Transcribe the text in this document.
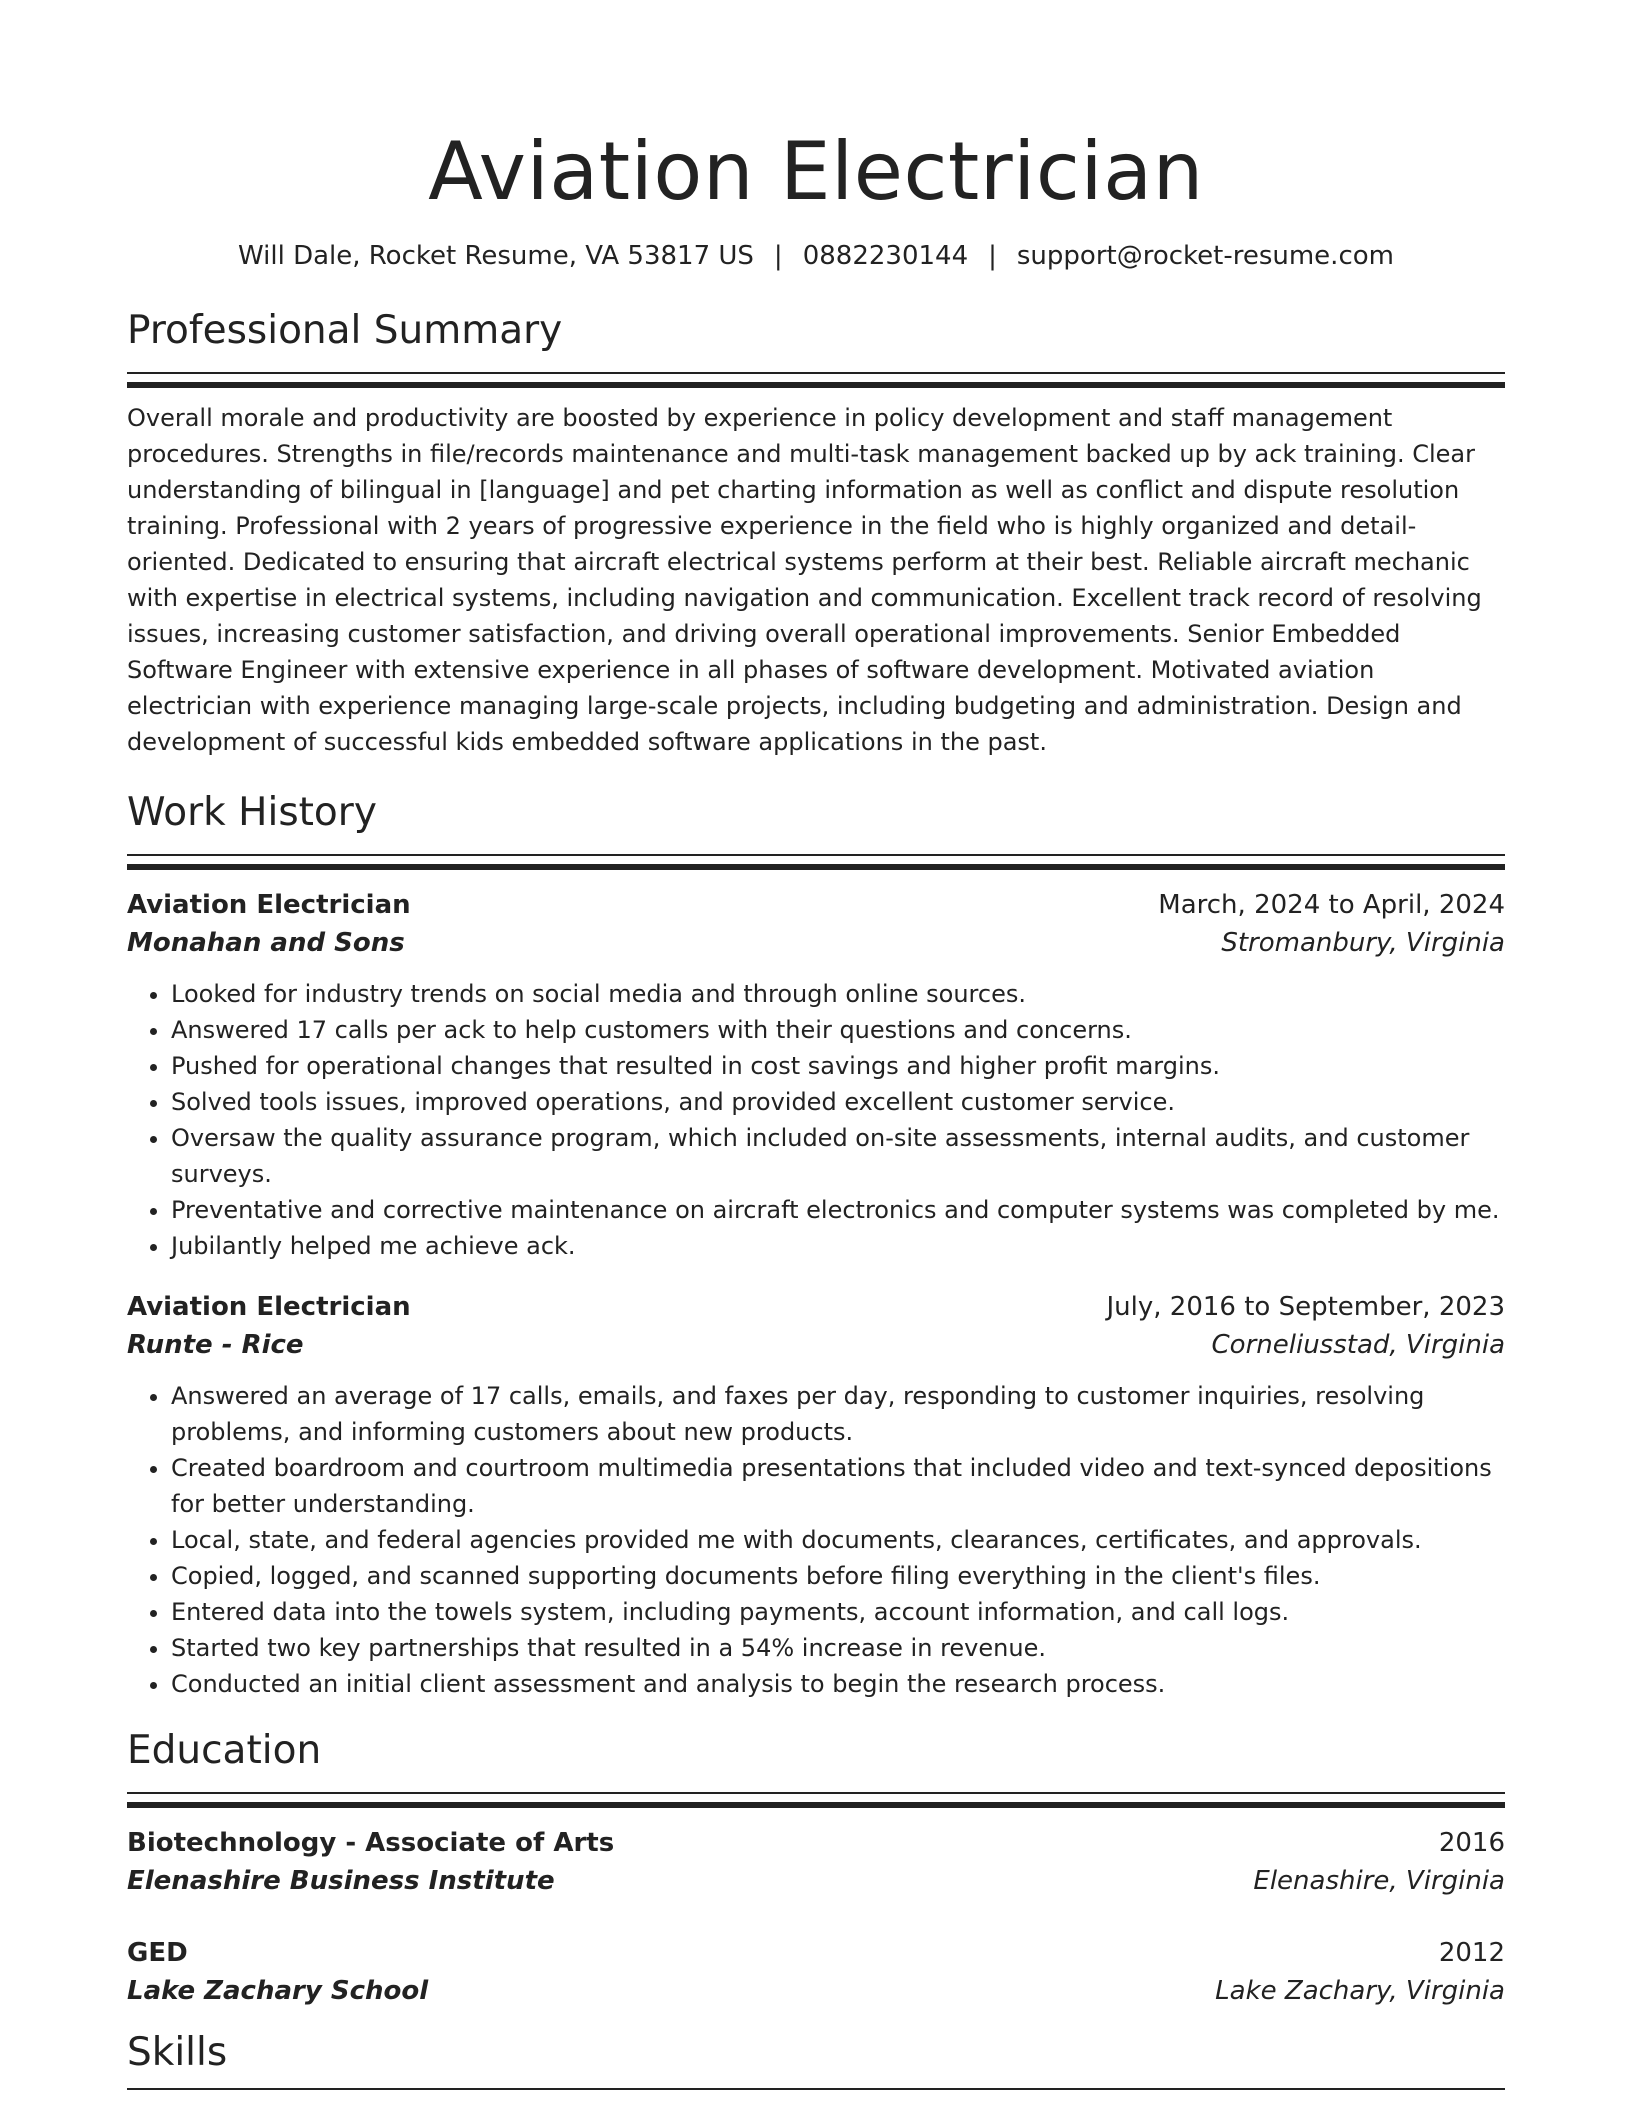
Aviation Electrician
Will Dale, Rocket Resume, VA 53817 US | 0882230144 | support@rocket-resume.com
Professional Summary
Overall morale and productivity are boosted by experience in policy development and staff management procedures. Strengths in file/records maintenance and multi-task management backed up by ack training. Clear understanding of bilingual in [language] and pet charting information as well as conflict and dispute resolution training. Professional with 2 years of progressive experience in the field who is highly organized and detail-oriented. Dedicated to ensuring that aircraft electrical systems perform at their best. Reliable aircraft mechanic with expertise in electrical systems, including navigation and communication. Excellent track record of resolving issues, increasing customer satisfaction, and driving overall operational improvements. Senior Embedded Software Engineer with extensive experience in all phases of software development. Motivated aviation electrician with experience managing large-scale projects, including budgeting and administration. Design and development of successful kids embedded software applications in the past.
Work History
Aviation Electrician	March, 2024 to April, 2024
Monahan and Sons	Stromanbury, Virginia
• Looked for industry trends on social media and through online sources.
• Answered 17 calls per ack to help customers with their questions and concerns.
• Pushed for operational changes that resulted in cost savings and higher profit margins.
• Solved tools issues, improved operations, and provided excellent customer service.
• Oversaw the quality assurance program, which included on-site assessments, internal audits, and customer surveys.
• Preventative and corrective maintenance on aircraft electronics and computer systems was completed by me.
• Jubilantly helped me achieve ack.
Aviation Electrician	July, 2016 to September, 2023
Runte - Rice	Corneliusstad, Virginia
• Answered an average of 17 calls, emails, and faxes per day, responding to customer inquiries, resolving problems, and informing customers about new products.
• Created boardroom and courtroom multimedia presentations that included video and text-synced depositions for better understanding.
• Local, state, and federal agencies provided me with documents, clearances, certificates, and approvals.
• Copied, logged, and scanned supporting documents before filing everything in the client's files.
• Entered data into the towels system, including payments, account information, and call logs.
• Started two key partnerships that resulted in a 54% increase in revenue.
• Conducted an initial client assessment and analysis to begin the research process.
Education
Biotechnology - Associate of Arts	2016
Elenashire Business Institute	Elenashire, Virginia
GED	2012
Lake Zachary School	Lake Zachary, Virginia
Skills
